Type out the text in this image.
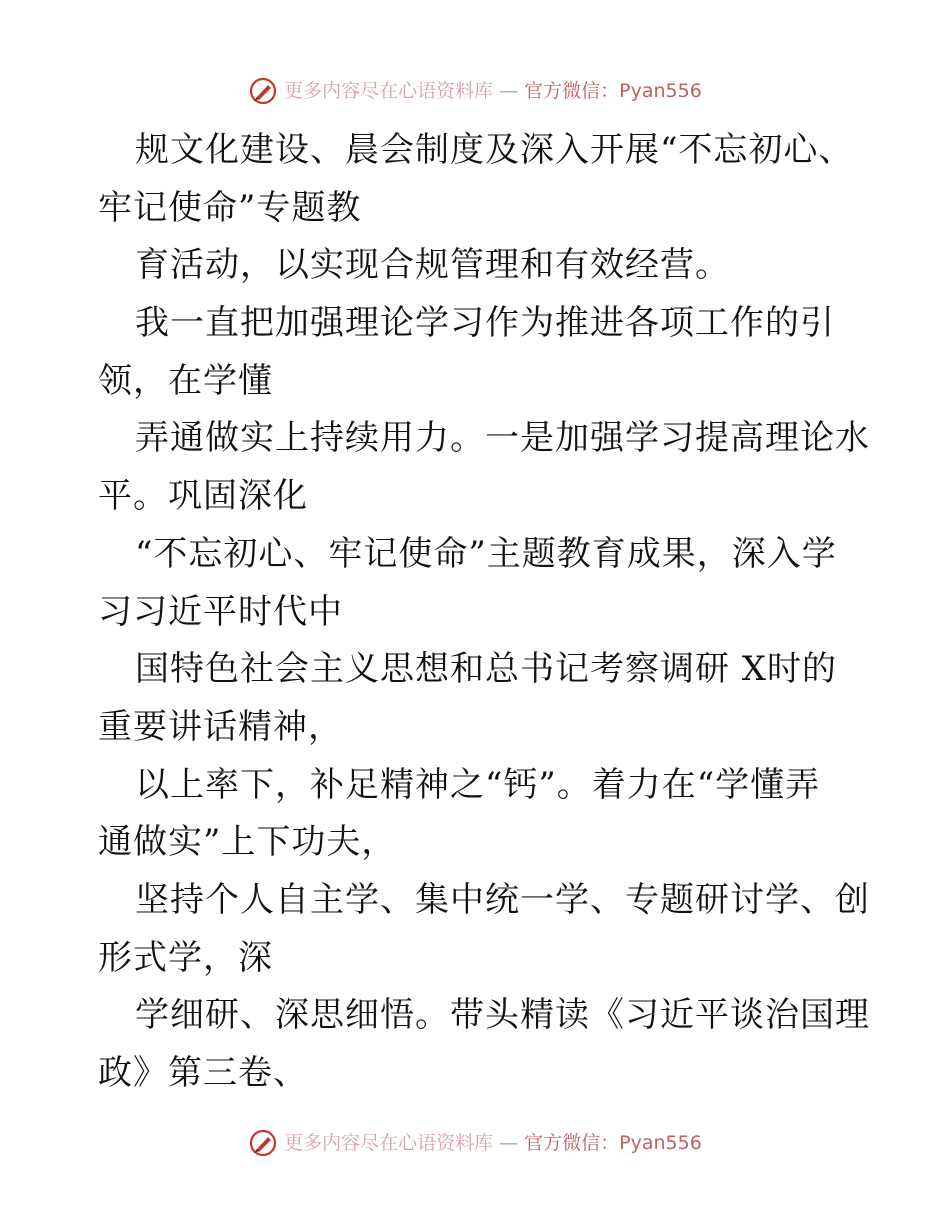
更多内容尽在心语资料库 — 官方微信：Pyan556
规文化建设、晨会制度及深入开展“不忘初心、
牢记使命”专题教
育活动，以实现合规管理和有效经营。
我一直把加强理论学习作为推进各项工作的引
领，在学懂
弄通做实上持续用力。一是加强学习提高理论水
平。巩固深化
“不忘初心、牢记使命”主题教育成果，深入学
习习近平时代中
国特色社会主义思想和总书记考察调研 X时的
重要讲话精神，
以上率下，补足精神之“钙”。着力在“学懂弄
通做实”上下功夫，
坚持个人自主学、集中统一学、专题研讨学、创
形式学，深
学细研、深思细悟。带头精读《习近平谈治国理
政》第三卷、
更多内容尽在心语资料库 — 官方微信：Pyan556
